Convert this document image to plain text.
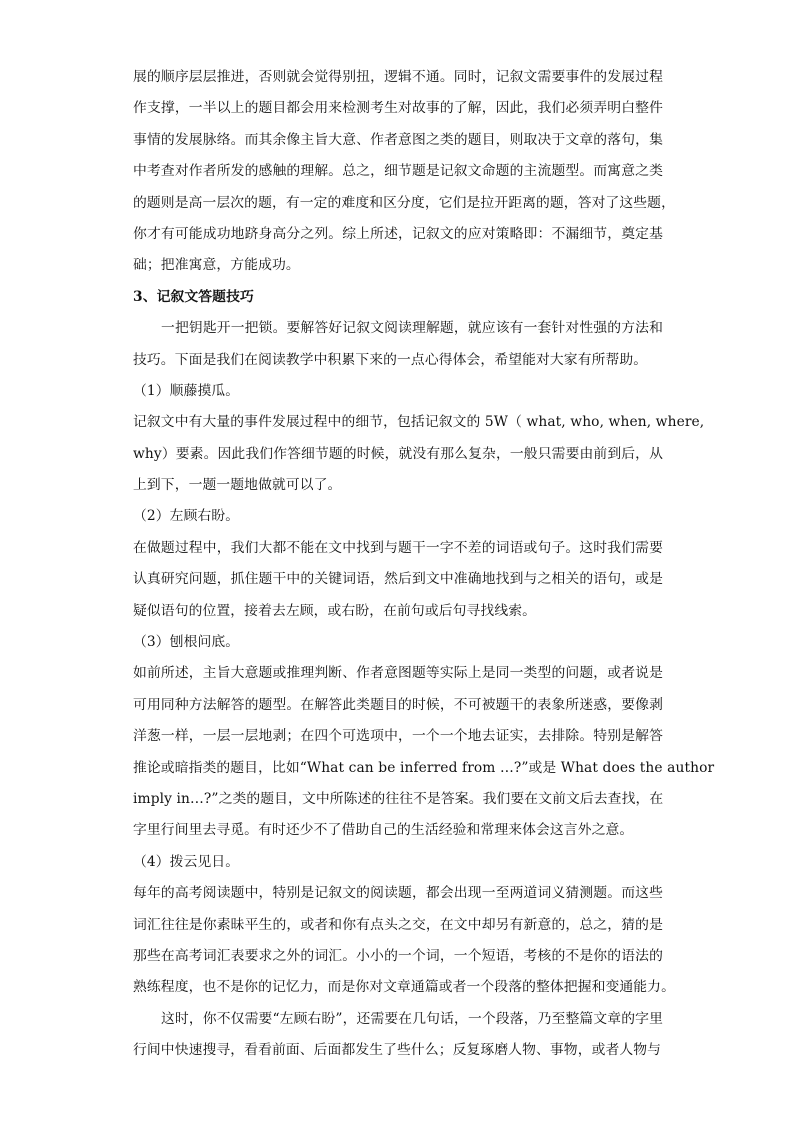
展的顺序层层推进，否则就会觉得别扭，逻辑不通。同时，记叙文需要事件的发展过程
作支撑，一半以上的题目都会用来检测考生对故事的了解，因此，我们必须弄明白整件
事情的发展脉络。而其余像主旨大意、作者意图之类的题目，则取决于文章的落句，集
中考查对作者所发的感触的理解。总之，细节题是记叙文命题的主流题型。而寓意之类
的题则是高一层次的题，有一定的难度和区分度，它们是拉开距离的题，答对了这些题，
你才有可能成功地跻身高分之列。综上所述，记叙文的应对策略即：不漏细节，奠定基
础；把准寓意，方能成功。
3、记叙文答题技巧
一把钥匙开一把锁。要解答好记叙文阅读理解题，就应该有一套针对性强的方法和
技巧。下面是我们在阅读教学中积累下来的一点心得体会，希望能对大家有所帮助。
（1）顺藤摸瓜。
记叙文中有大量的事件发展过程中的细节，包括记叙文的 5W（ what, who, when, where,
why）要素。因此我们作答细节题的时候，就没有那么复杂，一般只需要由前到后，从
上到下，一题一题地做就可以了。
（2）左顾右盼。
在做题过程中，我们大都不能在文中找到与题干一字不差的词语或句子。这时我们需要
认真研究问题，抓住题干中的关键词语，然后到文中准确地找到与之相关的语句，或是
疑似语句的位置，接着去左顾，或右盼，在前句或后句寻找线索。
（3）刨根问底。
如前所述，主旨大意题或推理判断、作者意图题等实际上是同一类型的问题，或者说是
可用同种方法解答的题型。在解答此类题目的时候，不可被题干的表象所迷惑，要像剥
洋葱一样，一层一层地剥；在四个可选项中，一个一个地去证实，去排除。特别是解答
推论或暗指类的题目，比如“What can be inferred from …?”或是 What does the author
imply in…?”之类的题目，文中所陈述的往往不是答案。我们要在文前文后去查找，在
字里行间里去寻觅。有时还少不了借助自己的生活经验和常理来体会这言外之意。
（4）拨云见日。
每年的高考阅读题中，特别是记叙文的阅读题，都会出现一至两道词义猜测题。而这些
词汇往往是你素昧平生的，或者和你有点头之交，在文中却另有新意的，总之，猜的是
那些在高考词汇表要求之外的词汇。小小的一个词，一个短语，考核的不是你的语法的
熟练程度，也不是你的记忆力，而是你对文章通篇或者一个段落的整体把握和变通能力。
这时，你不仅需要“左顾右盼”，还需要在几句话，一个段落，乃至整篇文章的字里
行间中快速搜寻，看看前面、后面都发生了些什么；反复琢磨人物、事物，或者人物与
